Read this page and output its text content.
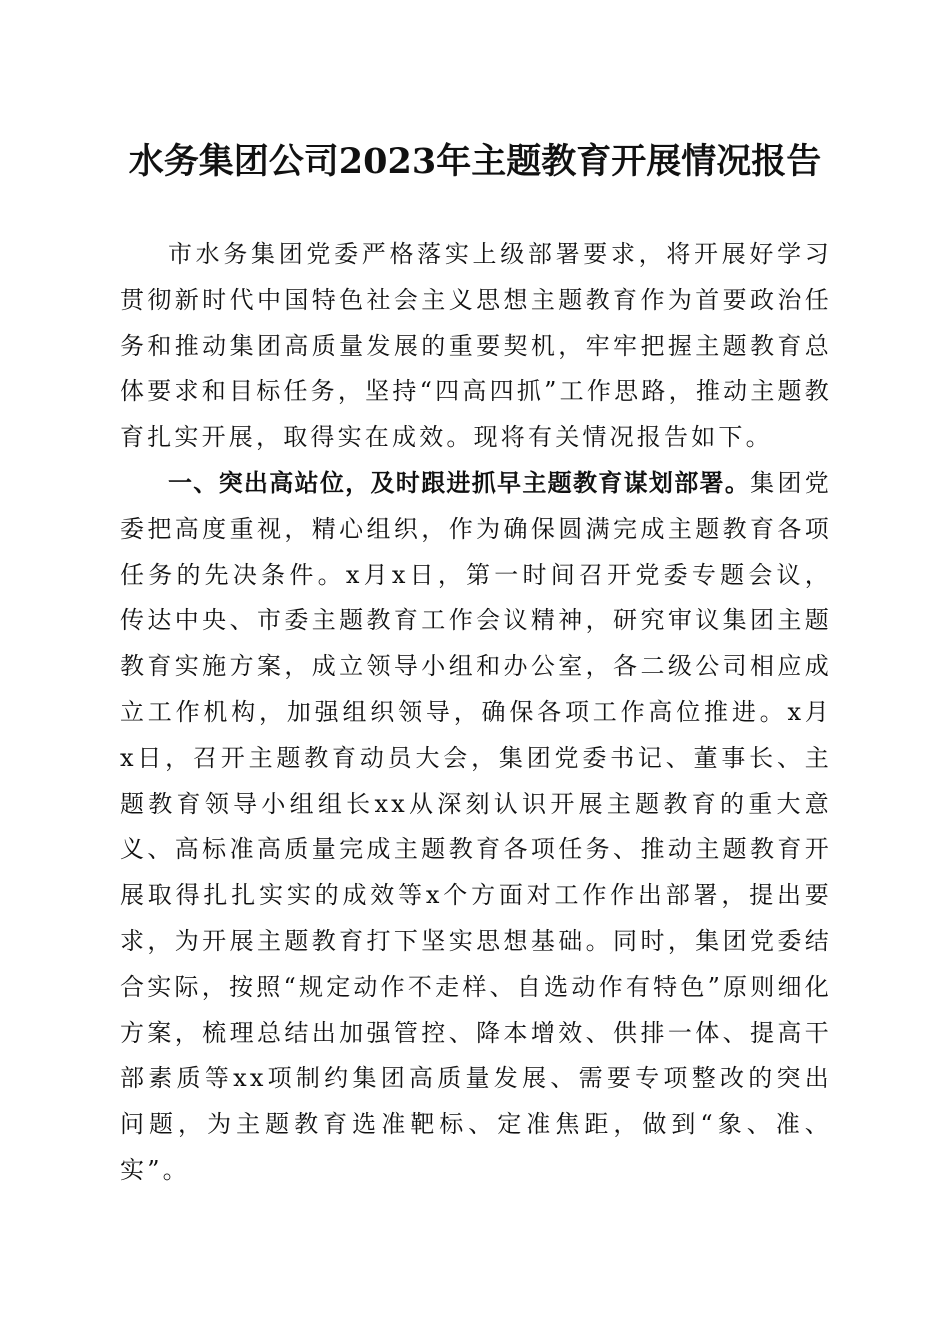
水务集团公司2023年主题教育开展情况报告

市水务集团党委严格落实上级部署要求，将开展好学习贯彻新时代中国特色社会主义思想主题教育作为首要政治任务和推动集团高质量发展的重要契机，牢牢把握主题教育总体要求和目标任务，坚持“四高四抓”工作思路，推动主题教育扎实开展，取得实在成效。现将有关情况报告如下。

一、突出高站位，及时跟进抓早主题教育谋划部署。集团党委把高度重视，精心组织，作为确保圆满完成主题教育各项任务的先决条件。x月x日，第一时间召开党委专题会议，传达中央、市委主题教育工作会议精神，研究审议集团主题教育实施方案，成立领导小组和办公室，各二级公司相应成立工作机构，加强组织领导，确保各项工作高位推进。x月x日，召开主题教育动员大会，集团党委书记、董事长、主题教育领导小组组长xx从深刻认识开展主题教育的重大意义、高标准高质量完成主题教育各项任务、推动主题教育开展取得扎扎实实的成效等x个方面对工作作出部署，提出要求，为开展主题教育打下坚实思想基础。同时，集团党委结合实际，按照“规定动作不走样、自选动作有特色”原则细化方案，梳理总结出加强管控、降本增效、供排一体、提高干部素质等xx项制约集团高质量发展、需要专项整改的突出问题，为主题教育选准靶标、定准焦距，做到“象、准、实”。
